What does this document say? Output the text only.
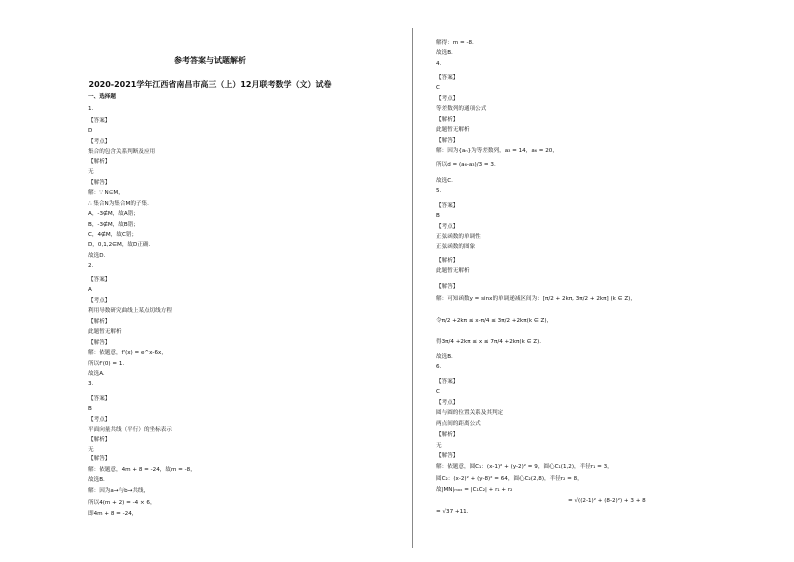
参考答案与试题解析
2020-2021学年江西省南昌市高三（上）12月联考数学（文）试卷
一、选择题
1.
【答案】
D
【考点】
集合的包含关系判断及应用
【解析】
无
【解答】
解：∵ N⊆M，
∴ 集合N为集合M的子集.
A，-3∉M，故A错；
B，-3∉M，故B错；
C，4∉M，故C错；
D，0,1,2∈M，故D正确.
故选D.
2.
【答案】
A
【考点】
利用导数研究曲线上某点切线方程
【解析】
此题暂无解析
【解答】
解：依题意，f'(x) = e^x-6x，
所以f'(0) = 1.
故选A.
3.
【答案】
B
【考点】
平面向量共线（平行）的坐标表示
【解析】
无
【解答】
解：依题意，4m + 8 = -24，故m = -8，
故选B.
解：因为a→与b→共线，
所以4(m + 2) = -4 × 6，
即4m + 8 = -24，
解得：m = -8.
故选B.
4.
【答案】
C
【考点】
等差数列的通项公式
【解析】
此题暂无解析
【解答】
解：因为{aₙ}为等差数列，a₃ = 14，a₆ = 20，
所以d = (a₆-a₃)/3 = 3.
故选C.
5.
【答案】
B
【考点】
正弦函数的单调性
正弦函数的图象
【解析】
此题暂无解析
【解答】
解：可知函数y = sinx的单调递减区间为：[π/2 + 2kπ, 3π/2 + 2kπ] (k ∈ Z)，
令π/2 +2kπ ≤ x-π/4 ≤ 3π/2 +2kπ(k ∈ Z)，
得3π/4 +2kπ ≤ x ≤ 7π/4 +2kπ(k ∈ Z).
故选B.
6.
【答案】
C
【考点】
圆与圆的位置关系及其判定
两点间的距离公式
【解析】
无
【解答】
解：依题意，圆C₁：(x-1)² + (y-2)² = 9，圆心C₁(1,2)，半径r₁ = 3，
圆C₂：(x-2)² + (y-8)² = 64，圆心C₂(2,8)，半径r₂ = 8，
故|MN|ₘₐₓ = |C₁C₂| + r₁ + r₂
= √((2-1)² + (8-2)²) + 3 + 8
= √37 +11.
